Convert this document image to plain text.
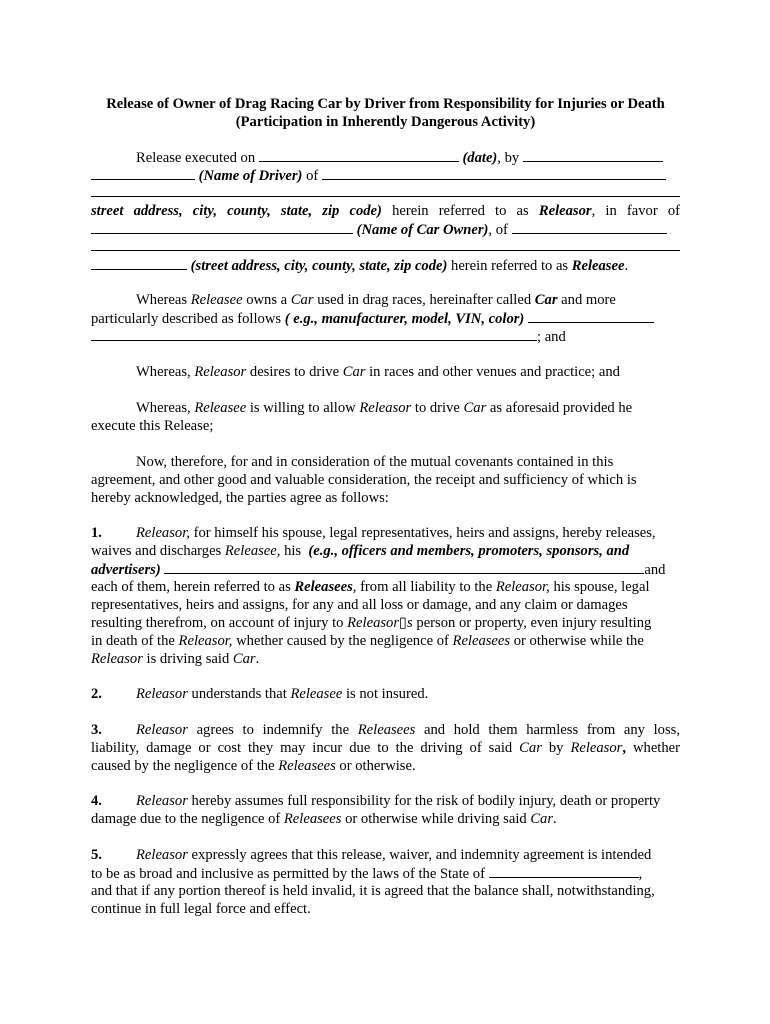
Release of Owner of Drag Racing Car by Driver from Responsibility for Injuries or Death
(Participation in Inherently Dangerous Activity)
Release executed on	(date), by
(Name of Driver) of
street address, city, county, state, zip code) herein referred to as Releasor, in favor of
(Name of Car Owner), of
(street address, city, county, state, zip code) herein referred to as Releasee.
Whereas Releasee owns a Car used in drag races, hereinafter called Car and more
particularly described as follows ( e.g., manufacturer, model, VIN, color)
; and
Whereas, Releasor desires to drive Car in races and other venues and practice; and
Whereas, Releasee is willing to allow Releasor to drive Car as aforesaid provided he
execute this Release;
Now, therefore, for and in consideration of the mutual covenants contained in this
agreement, and other good and valuable consideration, the receipt and sufficiency of which is
hereby acknowledged, the parties agree as follows:
1. Releasor, for himself his spouse, legal representatives, heirs and assigns, hereby releases,
waives and discharges Releasee, his (e.g., officers and members, promoters, sponsors, and
advertisers)	and
each of them, herein referred to as Releasees, from all liability to the Releasor, his spouse, legal
representatives, heirs and assigns, for any and all loss or damage, and any claim or damages
resulting therefrom, on account of injury to Releasor▯s person or property, even injury resulting
in death of the Releasor, whether caused by the negligence of Releasees or otherwise while the
Releasor is driving said Car.
2. Releasor understands that Releasee is not insured.
3. Releasor agrees to indemnify the Releasees and hold them harmless from any loss,
liability, damage or cost they may incur due to the driving of said Car by Releasor, whether
caused by the negligence of the Releasees or otherwise.
4. Releasor hereby assumes full responsibility for the risk of bodily injury, death or property
damage due to the negligence of Releasees or otherwise while driving said Car.
5. Releasor expressly agrees that this release, waiver, and indemnity agreement is intended
to be as broad and inclusive as permitted by the laws of the State of	,
and that if any portion thereof is held invalid, it is agreed that the balance shall, notwithstanding,
continue in full legal force and effect.
